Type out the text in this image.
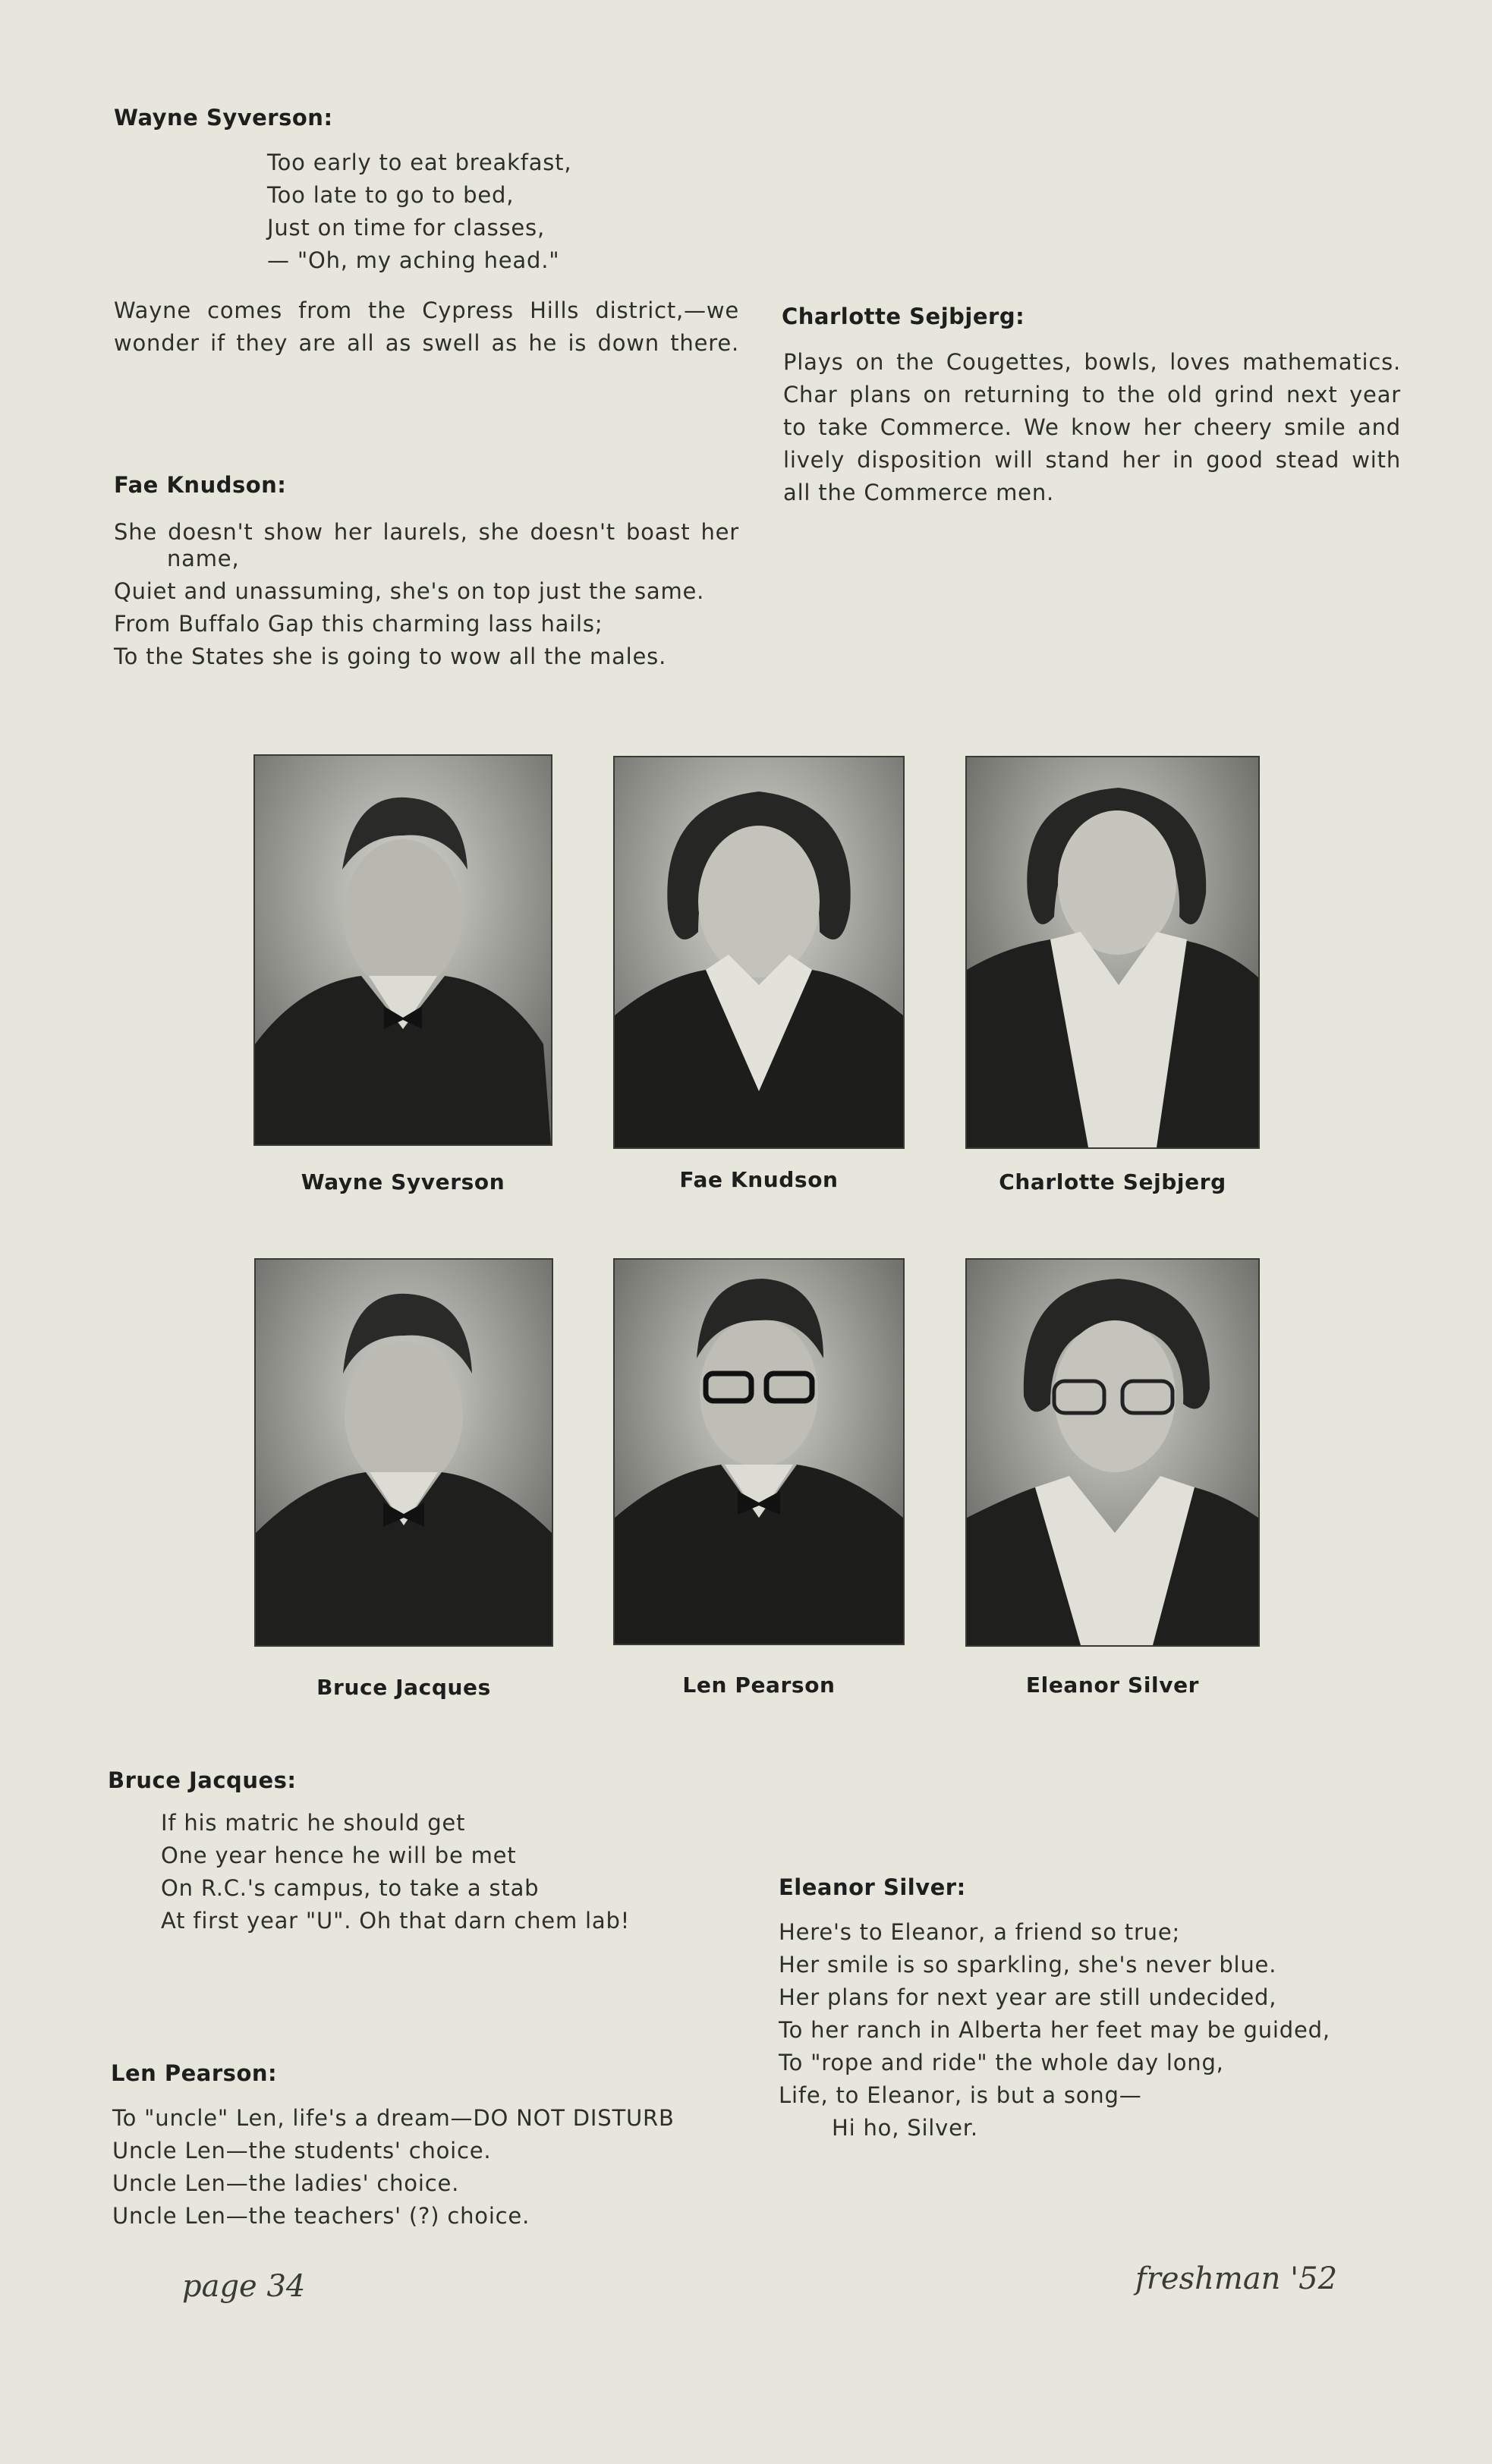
Wayne Syverson:
Too early to eat breakfast,
Too late to go to bed,
Just on time for classes,
— "Oh, my aching head."
Wayne comes from the Cypress Hills district,—we
wonder if they are all as swell as he is down there.
Fae Knudson:
She doesn't show her laurels, she doesn't boast her
name,
Quiet and unassuming, she's on top just the same.
From Buffalo Gap this charming lass hails;
To the States she is going to wow all the males.
Charlotte Sejbjerg:
Plays on the Cougettes, bowls, loves mathematics.
Char plans on returning to the old grind next year
to take Commerce. We know her cheery smile and
lively disposition will stand her in good stead with
all the Commerce men.
Wayne Syverson	Fae Knudson	Charlotte Sejbjerg
Bruce Jacques	Len Pearson	Eleanor Silver
Bruce Jacques:
If his matric he should get
One year hence he will be met
On R.C.'s campus, to take a stab
At first year "U". Oh that darn chem lab!
Len Pearson:
To "uncle" Len, life's a dream—DO NOT DISTURB
Uncle Len—the students' choice.
Uncle Len—the ladies' choice.
Uncle Len—the teachers' (?) choice.
Eleanor Silver:
Here's to Eleanor, a friend so true;
Her smile is so sparkling, she's never blue.
Her plans for next year are still undecided,
To her ranch in Alberta her feet may be guided,
To "rope and ride" the whole day long,
Life, to Eleanor, is but a song—
Hi ho, Silver.
page 34	freshman '52
